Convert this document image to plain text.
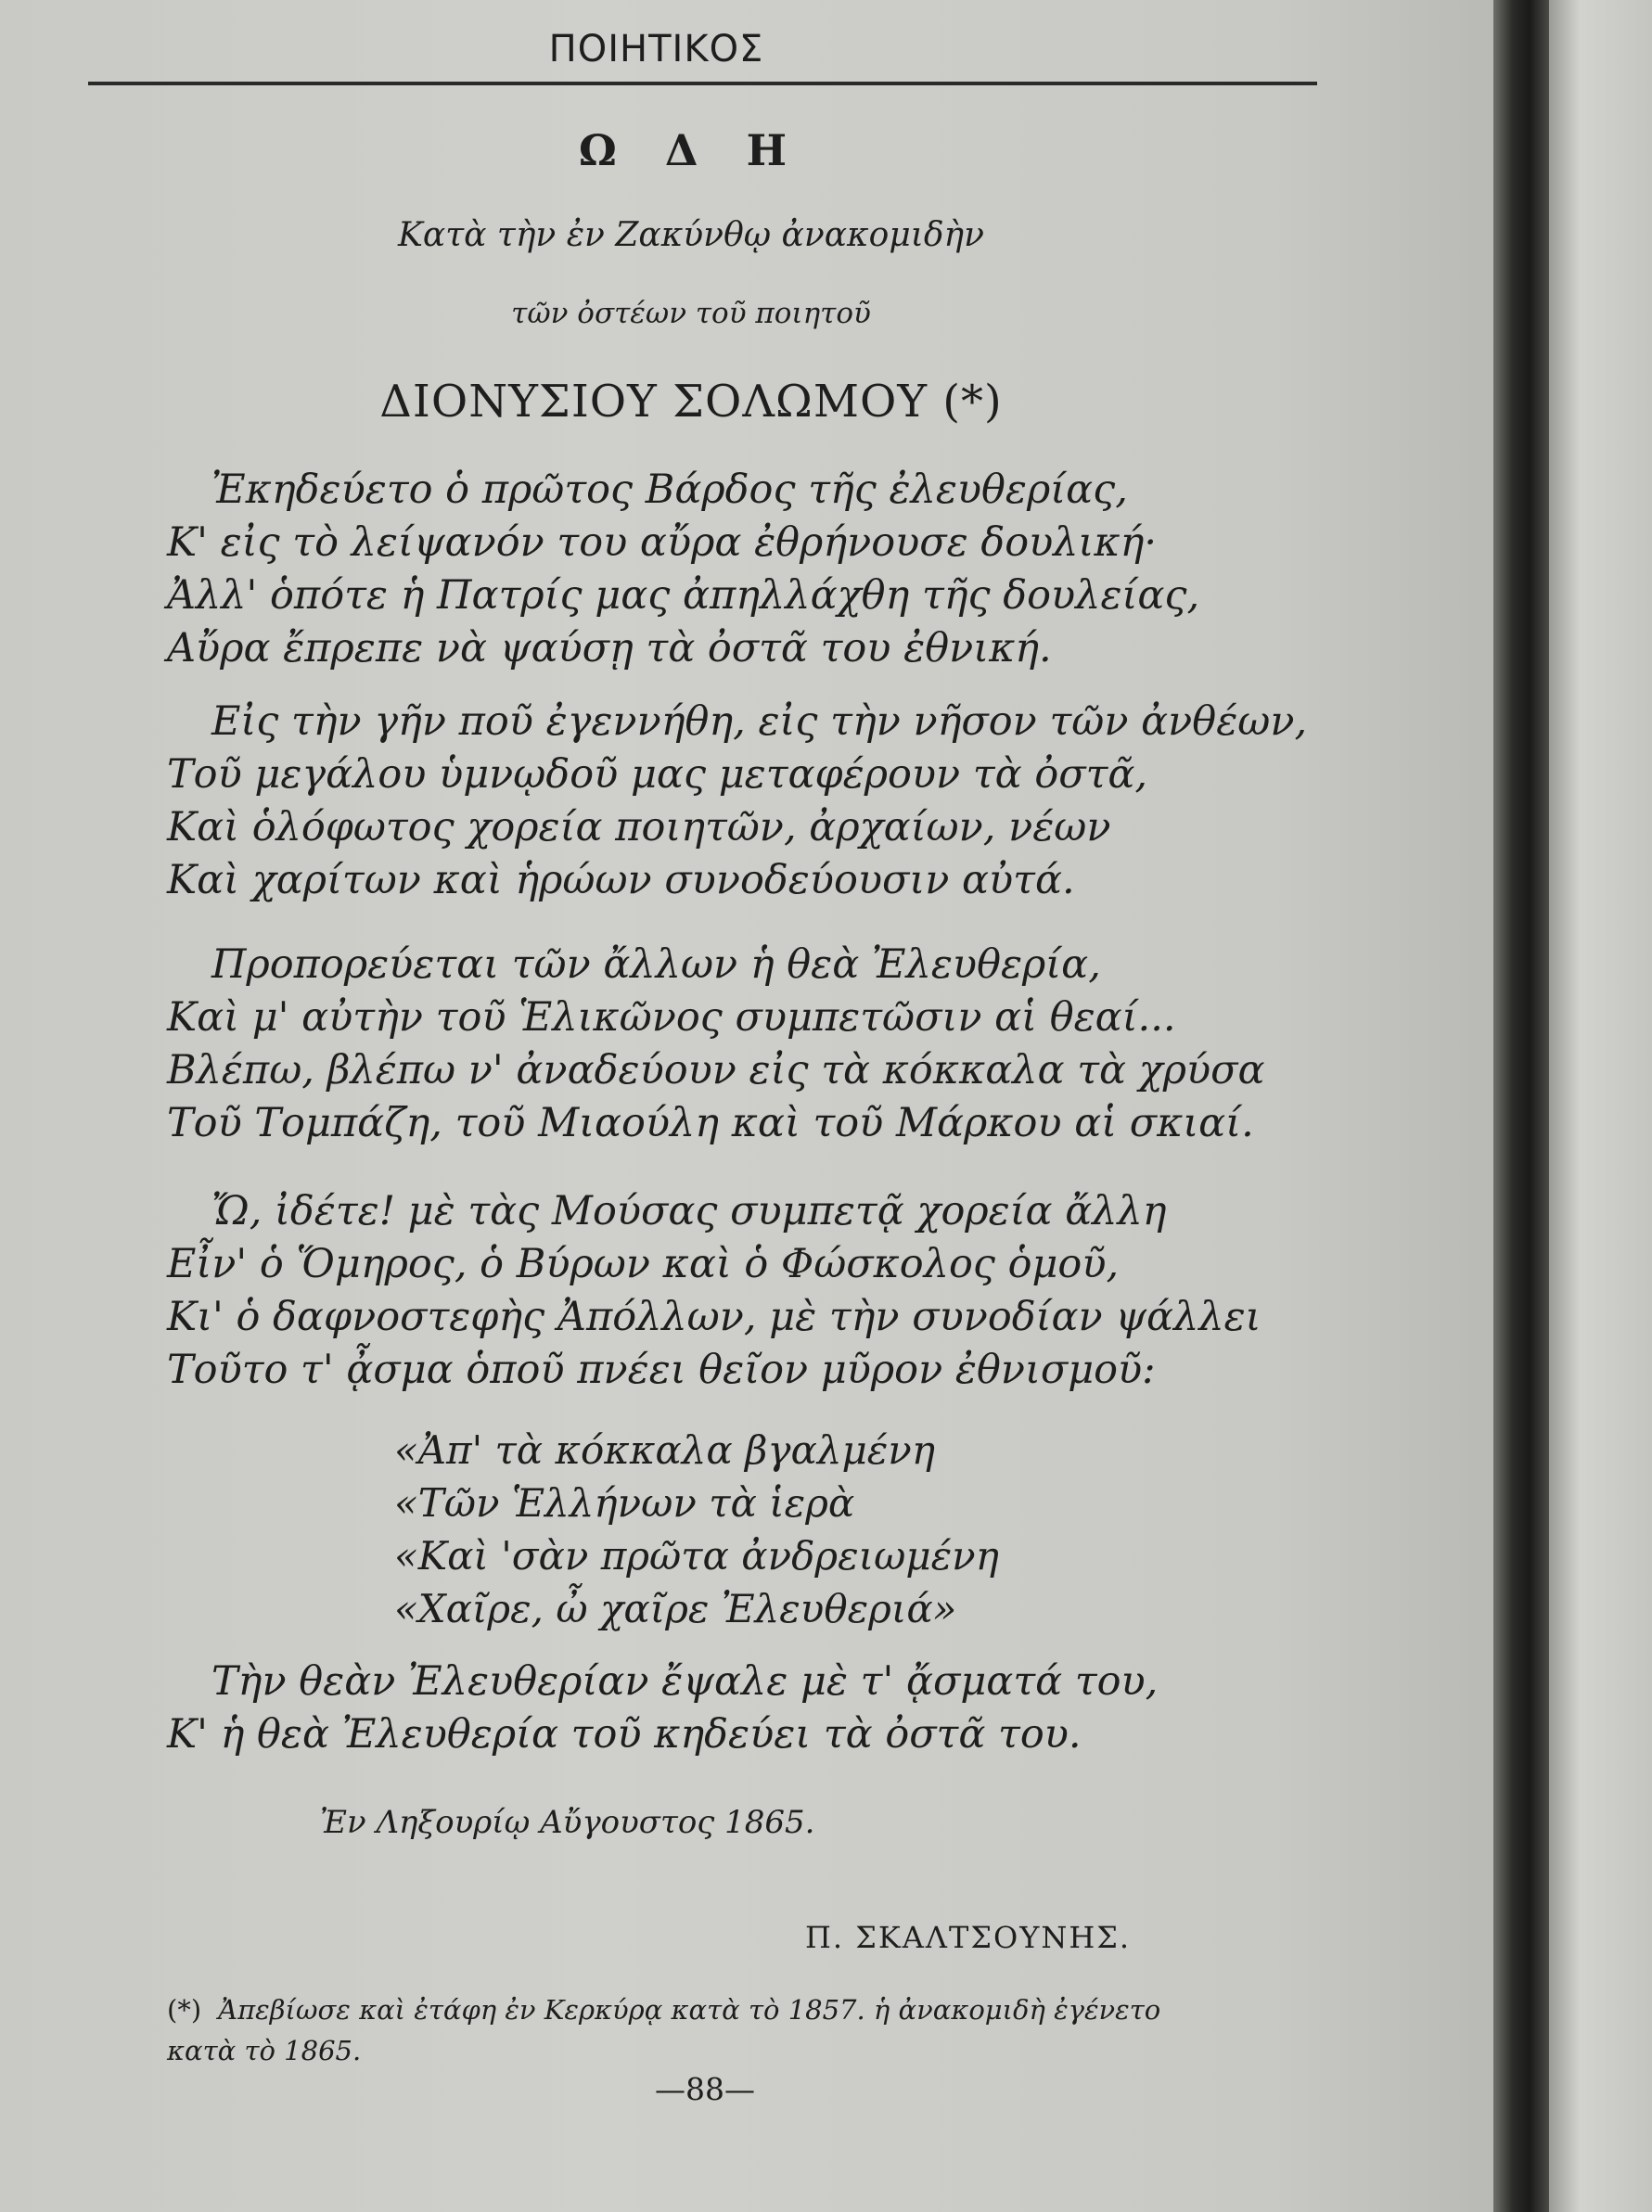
ΠΟΙΗΤΙΚΟΣ
Ω Δ Η
Κατὰ τὴν ἐν Ζακύνθῳ ἀνακομιδὴν
τῶν ὀστέων τοῦ ποιητοῦ
ΔΙΟΝΥΣΙΟΥ ΣΟΛΩΜΟΥ (*)
Ἐκηδεύετο ὁ πρῶτος Βάρδος τῆς ἐλευθερίας,
Κ' εἰς τὸ λείψανόν του αὔρα ἐθρήνουσε δουλική·
Ἀλλ' ὁπότε ἡ Πατρίς μας ἀπηλλάχθη τῆς δουλείας,
Αὔρα ἔπρεπε νὰ ψαύσῃ τὰ ὀστᾶ του ἐθνική.
Εἰς τὴν γῆν ποῦ ἐγεννήθη, εἰς τὴν νῆσον τῶν ἀνθέων,
Τοῦ μεγάλου ὑμνῳδοῦ μας μεταφέρουν τὰ ὀστᾶ,
Καὶ ὁλόφωτος χορεία ποιητῶν, ἀρχαίων, νέων
Καὶ χαρίτων καὶ ἡρώων συνοδεύουσιν αὐτά.
Προπορεύεται τῶν ἄλλων ἡ θεὰ Ἐλευθερία,
Καὶ μ' αὐτὴν τοῦ Ἑλικῶνος συμπετῶσιν αἱ θεαί...
Βλέπω, βλέπω ν' ἀναδεύουν εἰς τὰ κόκκαλα τὰ χρύσα
Τοῦ Τομπάζη, τοῦ Μιαούλη καὶ τοῦ Μάρκου αἱ σκιαί.
Ὤ, ἰδέτε! μὲ τὰς Μούσας συμπετᾷ χορεία ἄλλη
Εἶν' ὁ Ὅμηρος, ὁ Βύρων καὶ ὁ Φώσκολος ὁμοῦ,
Κι' ὁ δαφνοστεφὴς Ἀπόλλων, μὲ τὴν συνοδίαν ψάλλει
Τοῦτο τ' ᾆσμα ὁποῦ πνέει θεῖον μῦρον ἐθνισμοῦ:
«Ἀπ' τὰ κόκκαλα βγαλμένη
«Τῶν Ἑλλήνων τὰ ἱερὰ
«Καὶ 'σὰν πρῶτα ἀνδρειωμένη
«Χαῖρε, ὦ χαῖρε Ἐλευθεριά»
Τὴν θεὰν Ἐλευθερίαν ἔψαλε μὲ τ' ᾄσματά του,
Κ' ἡ θεὰ Ἐλευθερία τοῦ κηδεύει τὰ ὀστᾶ του.
Ἐν Ληξουρίῳ Αὔγουστος 1865.
Π. ΣΚΑΛΤΣΟΥΝΗΣ.
(*) Ἀπεβίωσε καὶ ἐτάφη ἐν Κερκύρᾳ κατὰ τὸ 1857. ἡ ἀνακομιδὴ ἐγένετο κατὰ τὸ 1865.
—88—
